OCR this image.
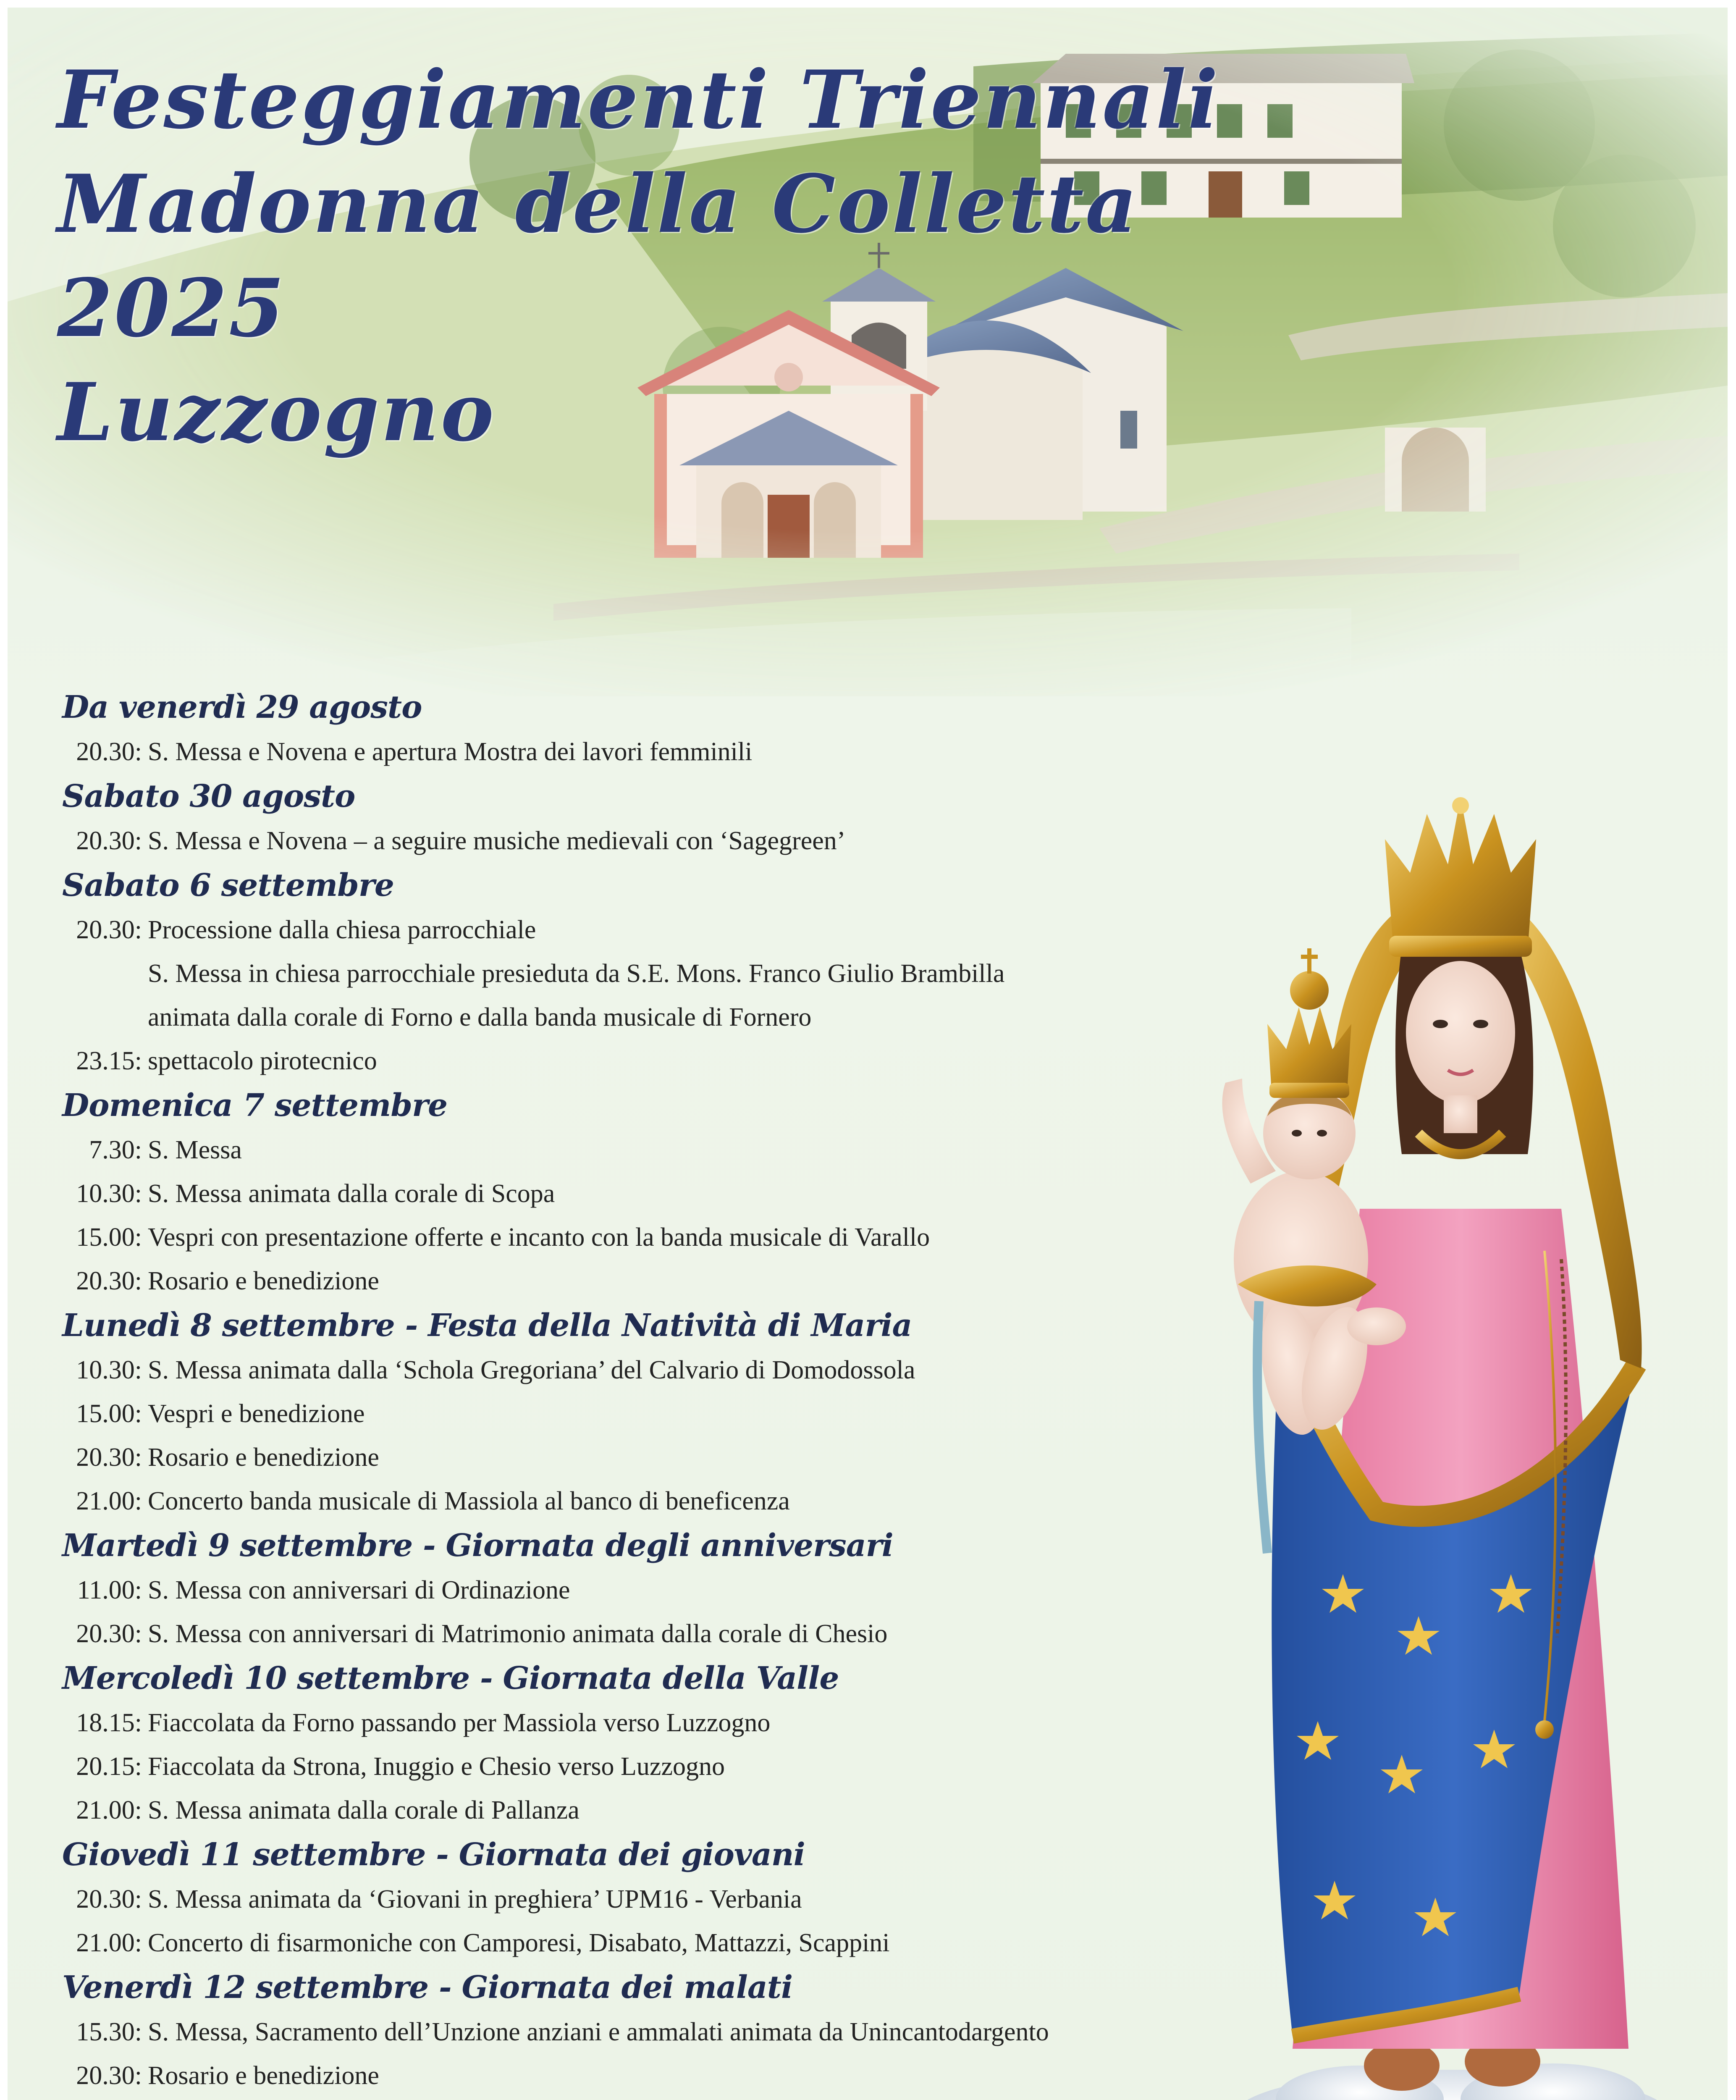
Festeggiamenti Triennali
Madonna della Colletta
2025
Luzzogno
Da venerdì 29 agosto
20.30: S. Messa e Novena e apertura Mostra dei lavori femminili
Sabato 30 agosto
20.30: S. Messa e Novena – a seguire musiche medievali con ‘Sagegreen’
Sabato 6 settembre
20.30: Processione dalla chiesa parrocchiale
S. Messa in chiesa parrocchiale presieduta da S.E. Mons. Franco Giulio Brambilla
animata dalla corale di Forno e dalla banda musicale di Fornero
23.15: spettacolo pirotecnico
Domenica 7 settembre
7.30: S. Messa
10.30: S. Messa animata dalla corale di Scopa
15.00: Vespri con presentazione offerte e incanto con la banda musicale di Varallo
20.30: Rosario e benedizione
Lunedì 8 settembre - Festa della Natività di Maria
10.30: S. Messa animata dalla ‘Schola Gregoriana’ del Calvario di Domodossola
15.00: Vespri e benedizione
20.30: Rosario e benedizione
21.00: Concerto banda musicale di Massiola al banco di beneficenza
Martedì 9 settembre - Giornata degli anniversari
11.00: S. Messa con anniversari di Ordinazione
20.30: S. Messa con anniversari di Matrimonio animata dalla corale di Chesio
Mercoledì 10 settembre - Giornata della Valle
18.15: Fiaccolata da Forno passando per Massiola verso Luzzogno
20.15: Fiaccolata da Strona, Inuggio e Chesio verso Luzzogno
21.00: S. Messa animata dalla corale di Pallanza
Giovedì 11 settembre - Giornata dei giovani
20.30: S. Messa animata da ‘Giovani in preghiera’ UPM16 - Verbania
21.00: Concerto di fisarmoniche con Camporesi, Disabato, Mattazzi, Scappini
Venerdì 12 settembre - Giornata dei malati
15.30: S. Messa, Sacramento dell’Unzione anziani e ammalati animata da Unincantodargento
20.30: Rosario e benedizione
